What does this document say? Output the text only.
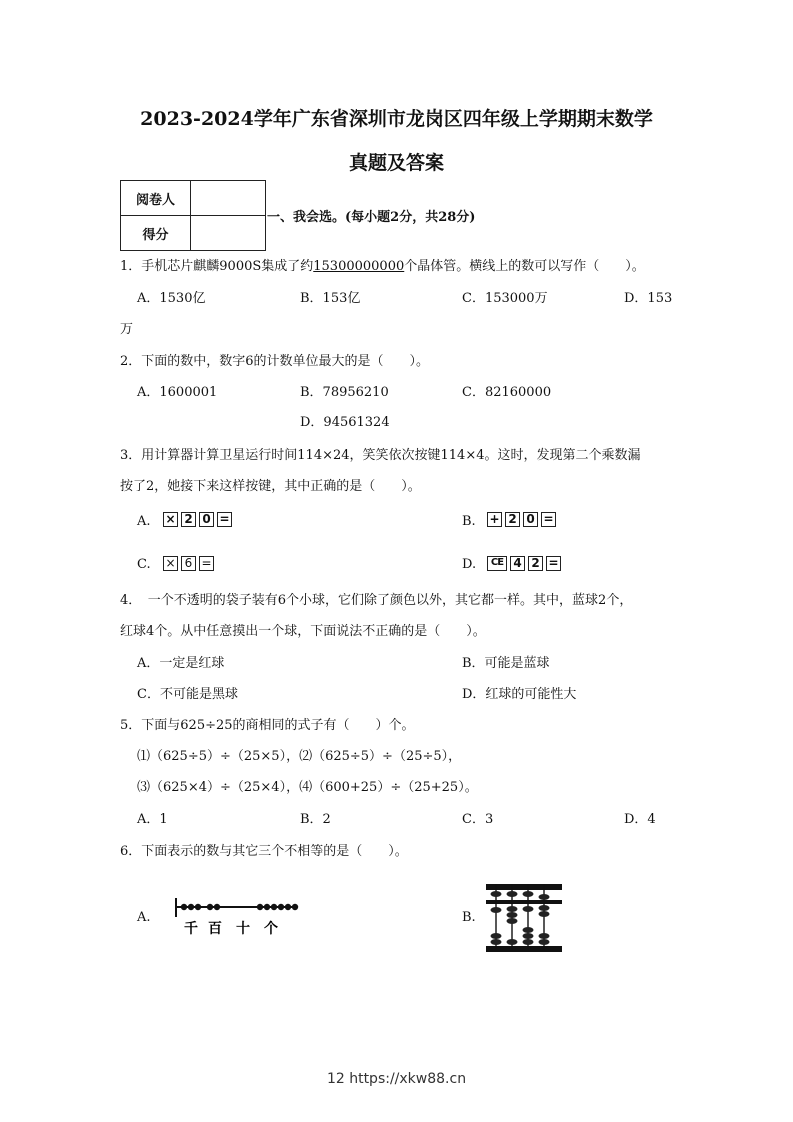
2023-2024学年广东省深圳市龙岗区四年级上学期期末数学
真题及答案
阅卷人	
得分	
一、我会选。(每小题2分，共28分)
1．手机芯片麒麟9000S集成了约15300000000个晶体管。横线上的数可以写作（　　）。
A．1530亿	B．153亿	C．153000万	D．153
万
2．下面的数中，数字6的计数单位最大的是（　　）。
A．1600001	B．78956210	C．82160000
D．94561324
3．用计算器计算卫星运行时间114×24，笑笑依次按键114×4。这时，发现第二个乘数漏
按了2，她接下来这样按键，其中正确的是（　　）。
A. × 2 0 =	B. + 2 0 =
C. × 6 =	D.	CE 4 2 =
4．　一个不透明的袋子装有6个小球，它们除了颜色以外，其它都一样。其中，蓝球2个，
红球4个。从中任意摸出一个球，下面说法不正确的是（　　）。
A．一定是红球	B．可能是蓝球
C．不可能是黑球	D．红球的可能性大
5．下面与625÷25的商相同的式子有（　　）个。
⑴（625÷5）÷（25×5），⑵（625÷5）÷（25÷5），
⑶（625×4）÷（25×4），⑷（600+25）÷（25+25）。
A．1	B．2	C．3	D．4
6．下面表示的数与其它三个不相等的是（　　）。
A.	B.
千 百 十 个
12 https://xkw88.cn
